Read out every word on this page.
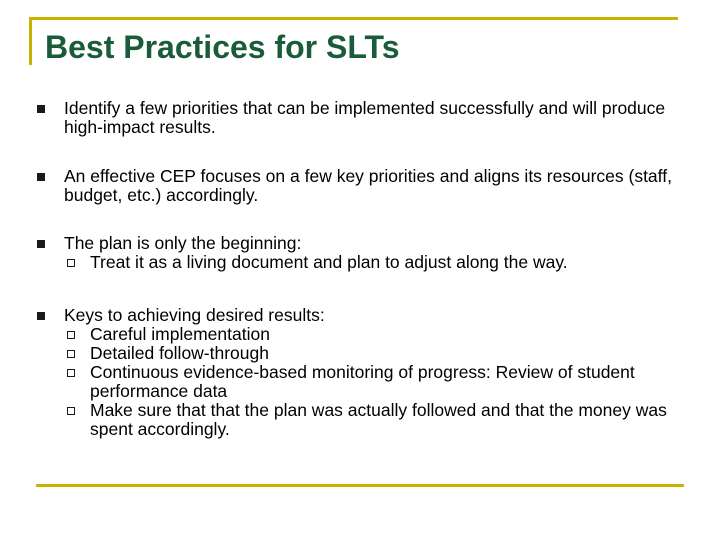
Best Practices for SLTs
Identify a few priorities that can be implemented successfully and will produce high-impact results.
An effective CEP focuses on a few key priorities and aligns its resources (staff, budget, etc.) accordingly.
The plan is only the beginning:
Treat it as a living document and plan to adjust along the way.
Keys to achieving desired results:
Careful implementation
Detailed follow-through
Continuous evidence-based monitoring of progress: Review of student performance data
Make sure that that the plan was actually followed and that the money was spent accordingly.
